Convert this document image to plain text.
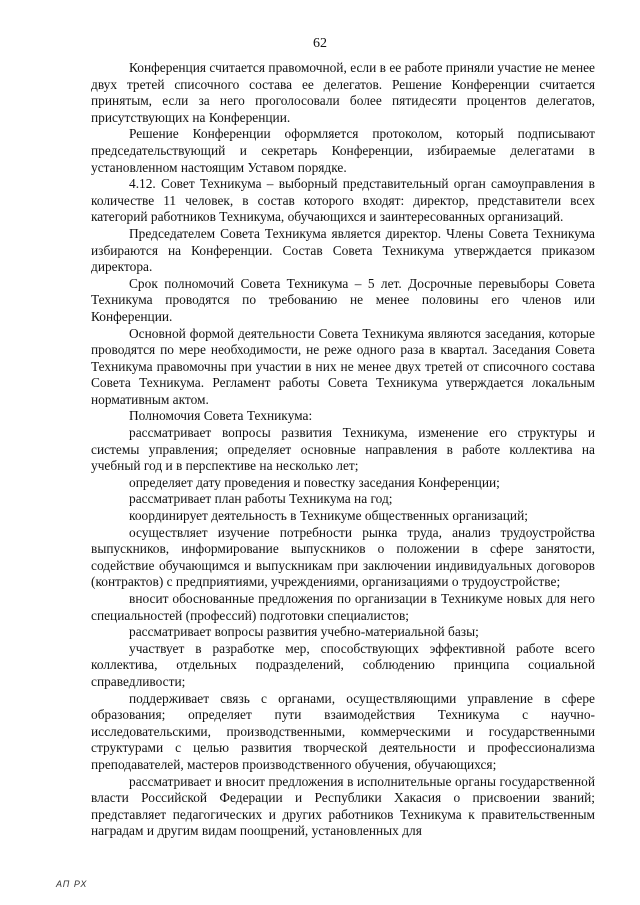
62

Конференция считается правомочной, если в ее работе приняли участие не менее двух третей списочного состава ее делегатов. Решение Конференции считается принятым, если за него проголосовали более пятидесяти процентов делегатов, присутствующих на Конференции.

Решение Конференции оформляется протоколом, который подписывают председательствующий и секретарь Конференции, избираемые делегатами в установленном настоящим Уставом порядке.

4.12. Совет Техникума – выборный представительный орган самоуправления в количестве 11 человек, в состав которого входят: директор, представители всех категорий работников Техникума, обучающихся и заинтересованных организаций.

Председателем Совета Техникума является директор. Члены Совета Техникума избираются на Конференции. Состав Совета Техникума утверждается приказом директора.

Срок полномочий Совета Техникума – 5 лет. Досрочные перевыборы Совета Техникума проводятся по требованию не менее половины его членов или Конференции.

Основной формой деятельности Совета Техникума являются заседания, которые проводятся по мере необходимости, не реже одного раза в квартал. Заседания Совета Техникума правомочны при участии в них не менее двух третей от списочного состава Совета Техникума. Регламент работы Совета Техникума утверждается локальным нормативным актом.

Полномочия Совета Техникума:

рассматривает вопросы развития Техникума, изменение его структуры и системы управления; определяет основные направления в работе коллектива на учебный год и в перспективе на несколько лет;

определяет дату проведения и повестку заседания Конференции;

рассматривает план работы Техникума на год;

координирует деятельность в Техникуме общественных организаций;

осуществляет изучение потребности рынка труда, анализ трудоустройства выпускников, информирование выпускников о положении в сфере занятости, содействие обучающимся и выпускникам при заключении индивидуальных договоров (контрактов) с предприятиями, учреждениями, организациями о трудоустройстве;

вносит обоснованные предложения по организации в Техникуме новых для него специальностей (профессий) подготовки специалистов;

рассматривает вопросы развития учебно-материальной базы;

участвует в разработке мер, способствующих эффективной работе всего коллектива, отдельных подразделений, соблюдению принципа социальной справедливости;

поддерживает связь с органами, осуществляющими управление в сфере образования; определяет пути взаимодействия Техникума с научно-исследовательскими, производственными, коммерческими и государственными структурами с целью развития творческой деятельности и профессионализма преподавателей, мастеров производственного обучения, обучающихся;

рассматривает и вносит предложения в исполнительные органы государственной власти Российской Федерации и Республики Хакасия о присвоении званий; представляет педагогических и других работников Техникума к правительственным наградам и другим видам поощрений, установленных для

АП РХ
